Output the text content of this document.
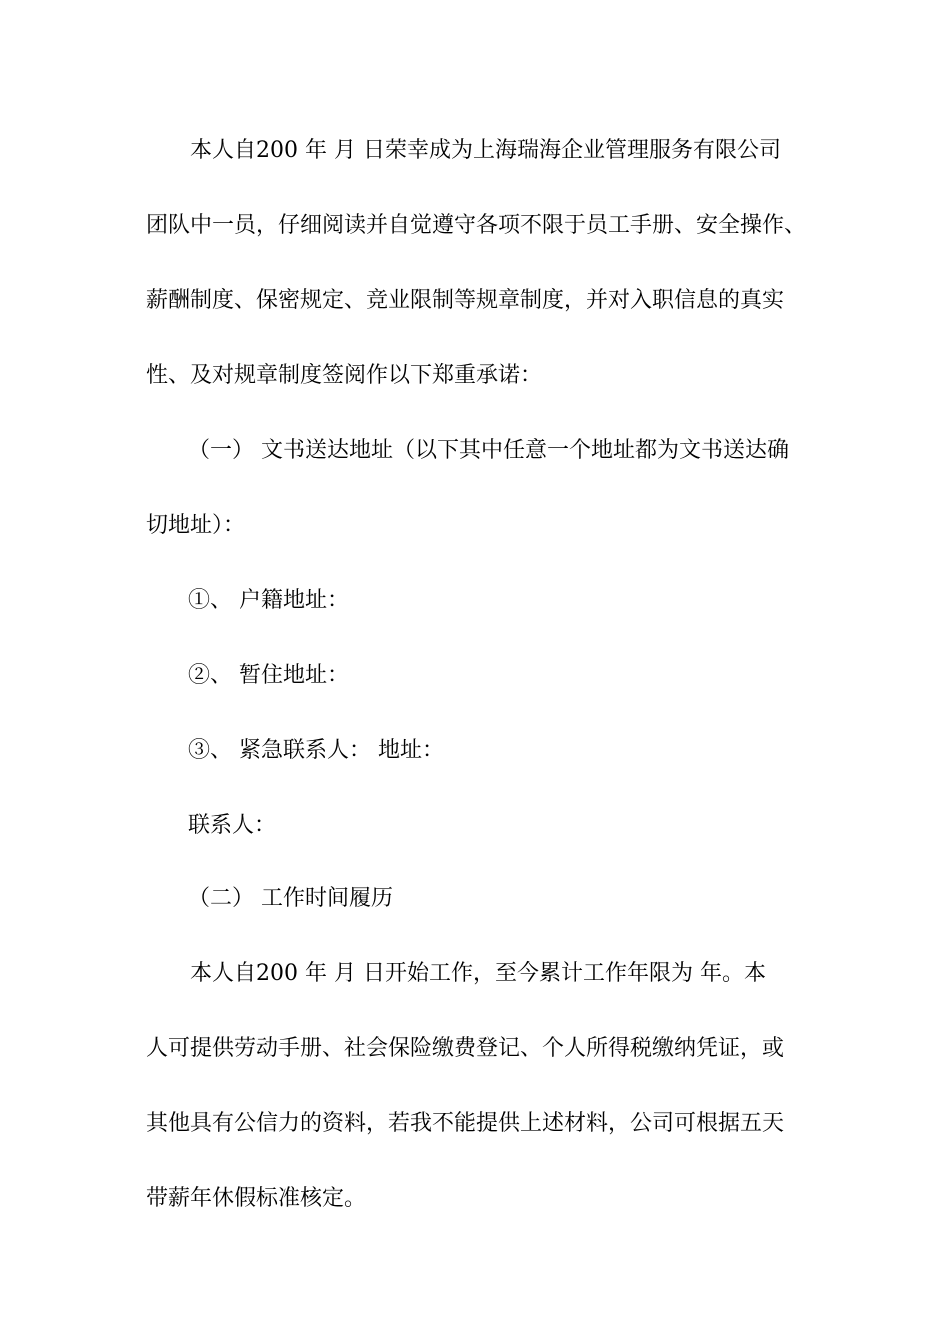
本人自200 年 月 日荣幸成为上海瑞海企业管理服务有限公司
团队中一员，仔细阅读并自觉遵守各项不限于员工手册、安全操作、
薪酬制度、保密规定、竞业限制等规章制度，并对入职信息的真实
性、及对规章制度签阅作以下郑重承诺：
（一） 文书送达地址（以下其中任意一个地址都为文书送达确
切地址）：
①、 户籍地址：
②、 暂住地址：
③、 紧急联系人： 地址：
联系人：
（二） 工作时间履历
本人自200 年 月 日开始工作，至今累计工作年限为 年。本
人可提供劳动手册、社会保险缴费登记、个人所得税缴纳凭证，或
其他具有公信力的资料，若我不能提供上述材料，公司可根据五天
带薪年休假标准核定。
